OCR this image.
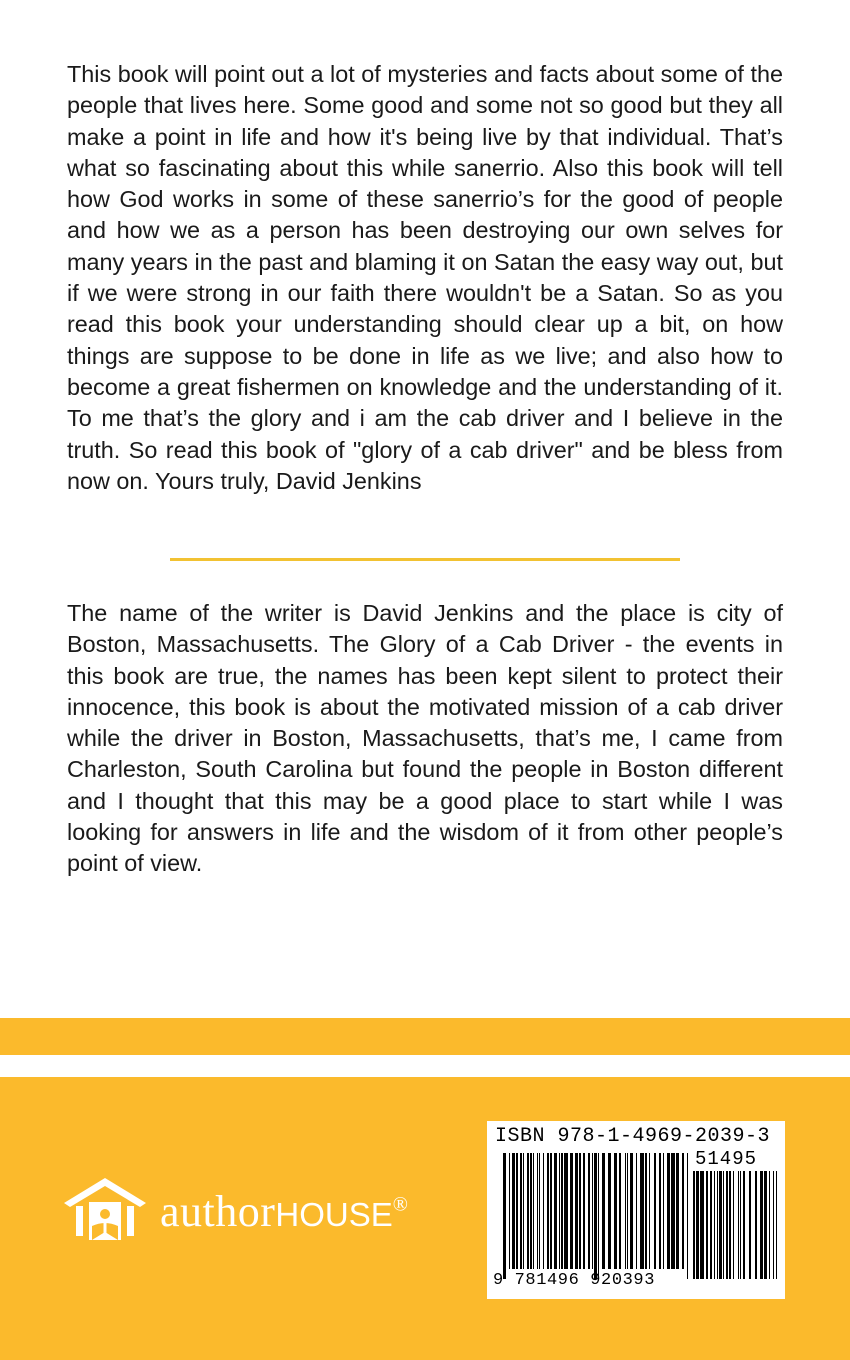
This book will point out a lot of mysteries and facts about some of the people that lives here. Some good and some not so good but they all make a point in life and how it's being live by that individual. That’s what so fascinating about this while sanerrio. Also this book will tell how God works in some of these sanerrio’s for the good of people and how we as a person has been destroying our own selves for many years in the past and blaming it on Satan the easy way out, but if we were strong in our faith there wouldn't be a Satan. So as you read this book your understanding should clear up a bit, on how things are suppose to be done in life as we live; and also how to become a great fishermen on knowledge and the understanding of it. To me that’s the glory and i am the cab driver and I believe in the truth. So read this book of "glory of a cab driver" and be bless from now on. Yours truly, David Jenkins

The name of the writer is David Jenkins and the place is city of Boston, Massachusetts. The Glory of a Cab Driver - the events in this book are true, the names has been kept silent to protect their innocence, this book is about the motivated mission of a cab driver while the driver in Boston, Massachusetts, that’s me, I came from Charleston, South Carolina but found the people in Boston different and I thought that this may be a good place to start while I was looking for answers in life and the wisdom of it from other people’s point of view.

authorHOUSE®
ISBN 978-1-4969-2039-3
51495
9 781496 920393
